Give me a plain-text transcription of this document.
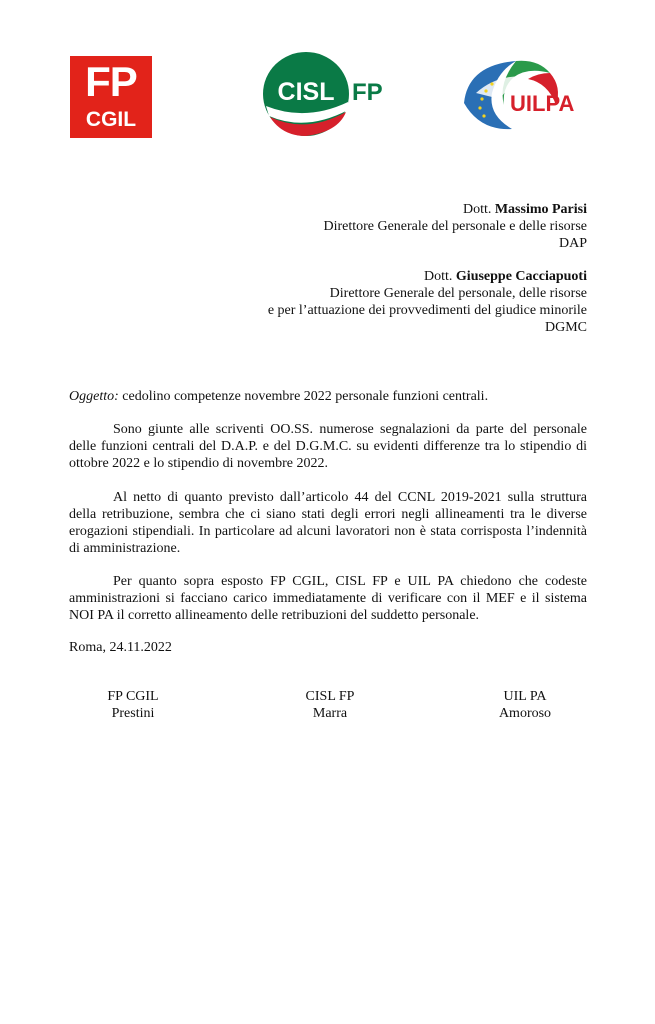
FP
CGIL
CISL FP	UILPA
Dott. Massimo Parisi
Direttore Generale del personale e delle risorse
DAP
Dott. Giuseppe Cacciapuoti
Direttore Generale del personale, delle risorse
e per l’attuazione dei provvedimenti del giudice minorile
DGMC
Oggetto: cedolino competenze novembre 2022 personale funzioni centrali.

Sono giunte alle scriventi OO.SS. numerose segnalazioni da parte del personale delle funzioni centrali del D.A.P. e del D.G.M.C. su evidenti differenze tra lo stipendio di ottobre 2022 e lo stipendio di novembre 2022.

Al netto di quanto previsto dall’articolo 44 del CCNL 2019-2021 sulla struttura della retribuzione, sembra che ci siano stati degli errori negli allineamenti tra le diverse erogazioni stipendiali. In particolare ad alcuni lavoratori non è stata corrisposta l’indennità di amministrazione.

Per quanto sopra esposto FP CGIL, CISL FP e UIL PA chiedono che codeste amministrazioni si facciano carico immediatamente di verificare con il MEF e il sistema NOI PA il corretto allineamento delle retribuzioni del suddetto personale.

Roma, 24.11.2022
FP CGIL
Prestini
CISL FP
Marra
UIL PA
Amoroso
